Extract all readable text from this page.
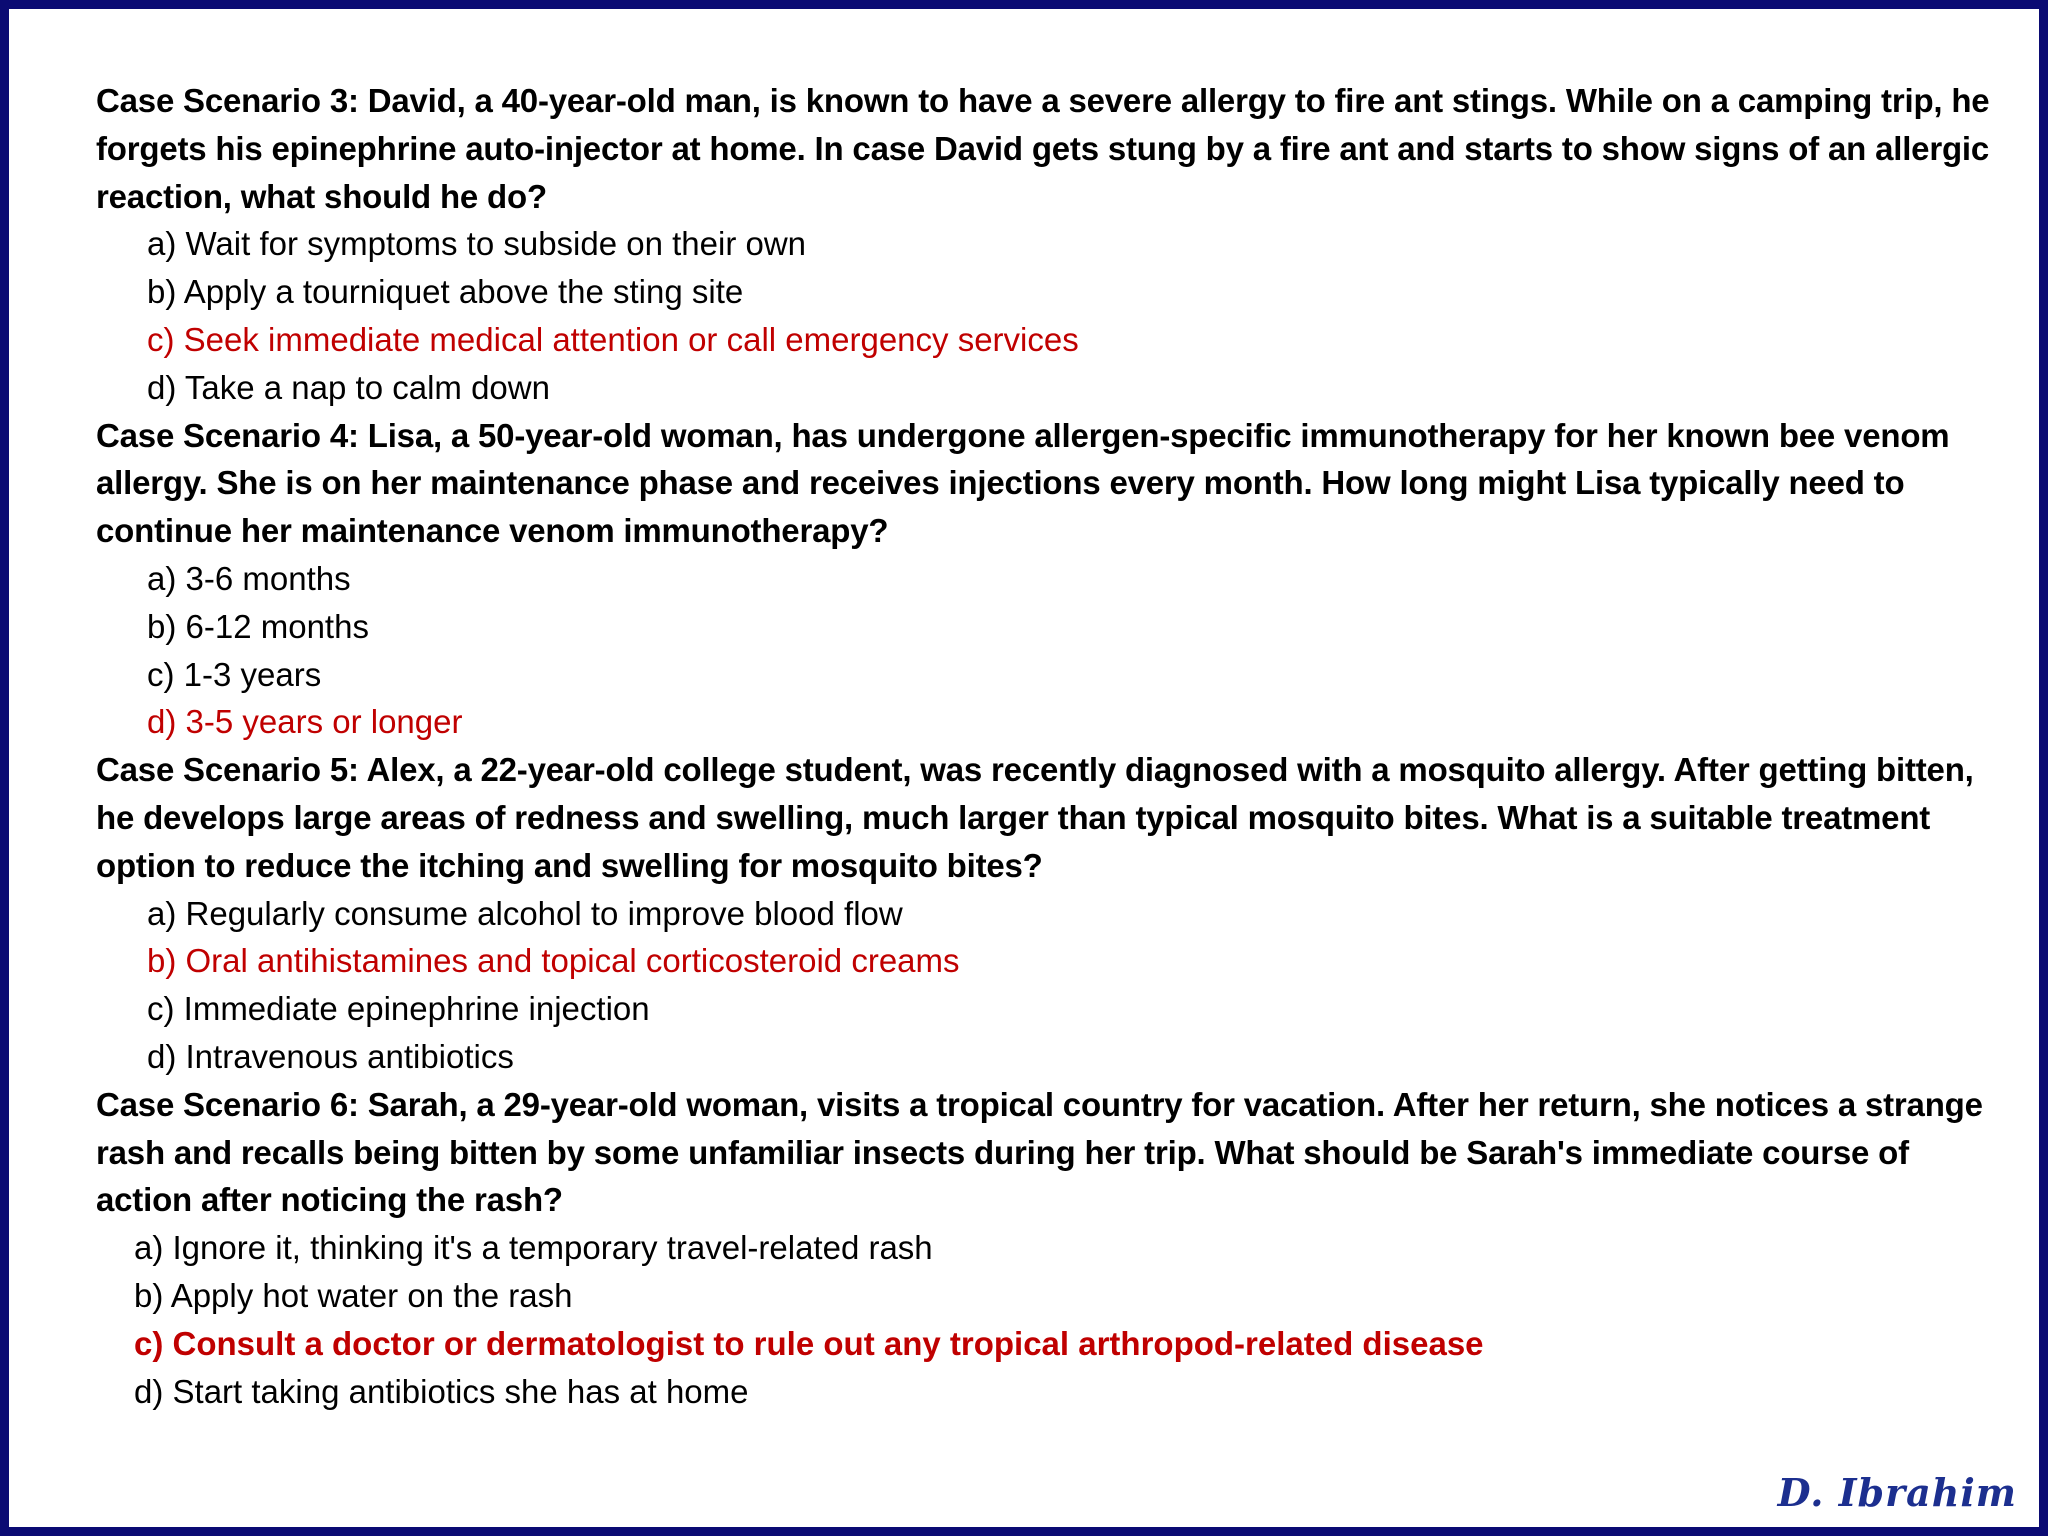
Case Scenario 3: David, a 40-year-old man, is known to have a severe allergy to fire ant stings. While on a camping trip, he forgets his epinephrine auto-injector at home. In case David gets stung by a fire ant and starts to show signs of an allergic reaction, what should he do?

a) Wait for symptoms to subside on their own
b) Apply a tourniquet above the sting site
c) Seek immediate medical attention or call emergency services
d) Take a nap to calm down

Case Scenario 4: Lisa, a 50-year-old woman, has undergone allergen-specific immunotherapy for her known bee venom allergy. She is on her maintenance phase and receives injections every month. How long might Lisa typically need to continue her maintenance venom immunotherapy?

a) 3-6 months
b) 6-12 months
c) 1-3 years
d) 3-5 years or longer

Case Scenario 5: Alex, a 22-year-old college student, was recently diagnosed with a mosquito allergy. After getting bitten, he develops large areas of redness and swelling, much larger than typical mosquito bites. What is a suitable treatment option to reduce the itching and swelling for mosquito bites?

a) Regularly consume alcohol to improve blood flow
b) Oral antihistamines and topical corticosteroid creams
c) Immediate epinephrine injection
d) Intravenous antibiotics

Case Scenario 6: Sarah, a 29-year-old woman, visits a tropical country for vacation. After her return, she notices a strange rash and recalls being bitten by some unfamiliar insects during her trip. What should be Sarah's immediate course of action after noticing the rash?

a) Ignore it, thinking it's a temporary travel-related rash
b) Apply hot water on the rash
c) Consult a doctor or dermatologist to rule out any tropical arthropod-related disease
d) Start taking antibiotics she has at home
D. Ibrahim
